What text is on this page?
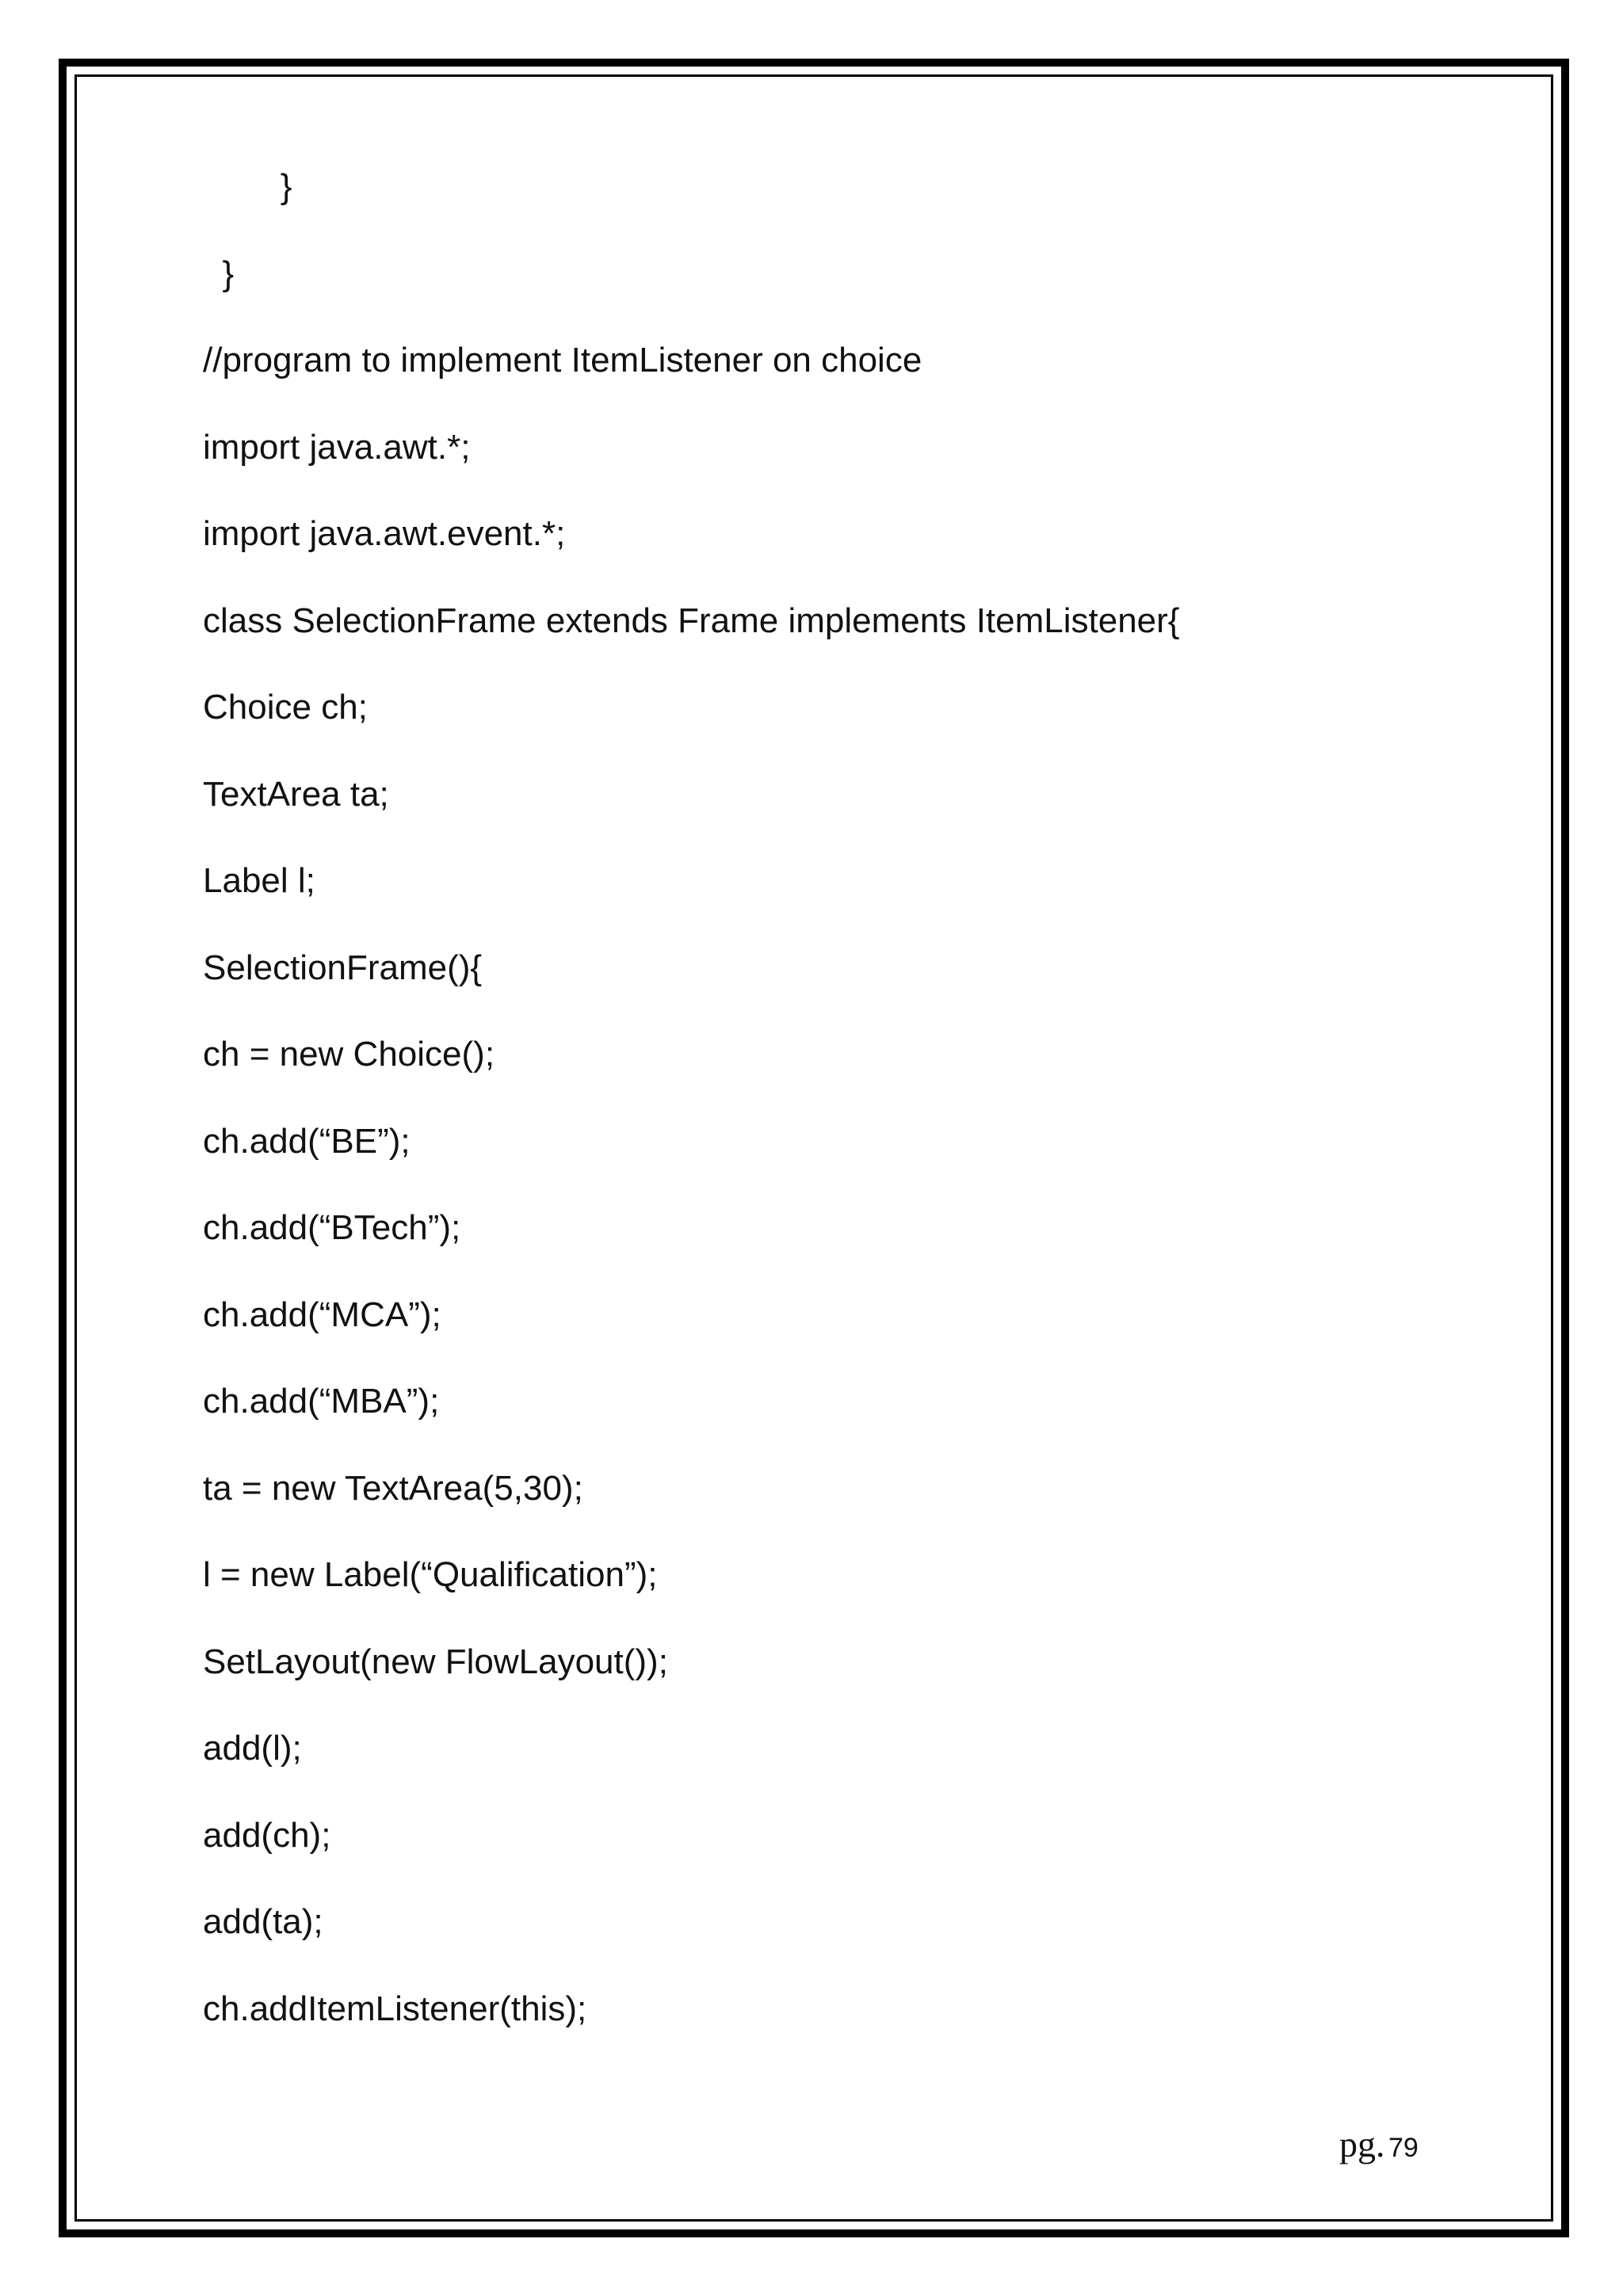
}

}

//program to implement ItemListener on choice

import java.awt.*;

import java.awt.event.*;

class SelectionFrame extends Frame implements ItemListener{

Choice ch;

TextArea ta;

Label l;

SelectionFrame(){

ch = new Choice();

ch.add(“BE”);

ch.add(“BTech”);

ch.add(“MCA”);

ch.add(“MBA”);

ta = new TextArea(5,30);

l = new Label(“Qualification”);

SetLayout(new FlowLayout());

add(l);

add(ch);

add(ta);

ch.addItemListener(this);

pg. 79
